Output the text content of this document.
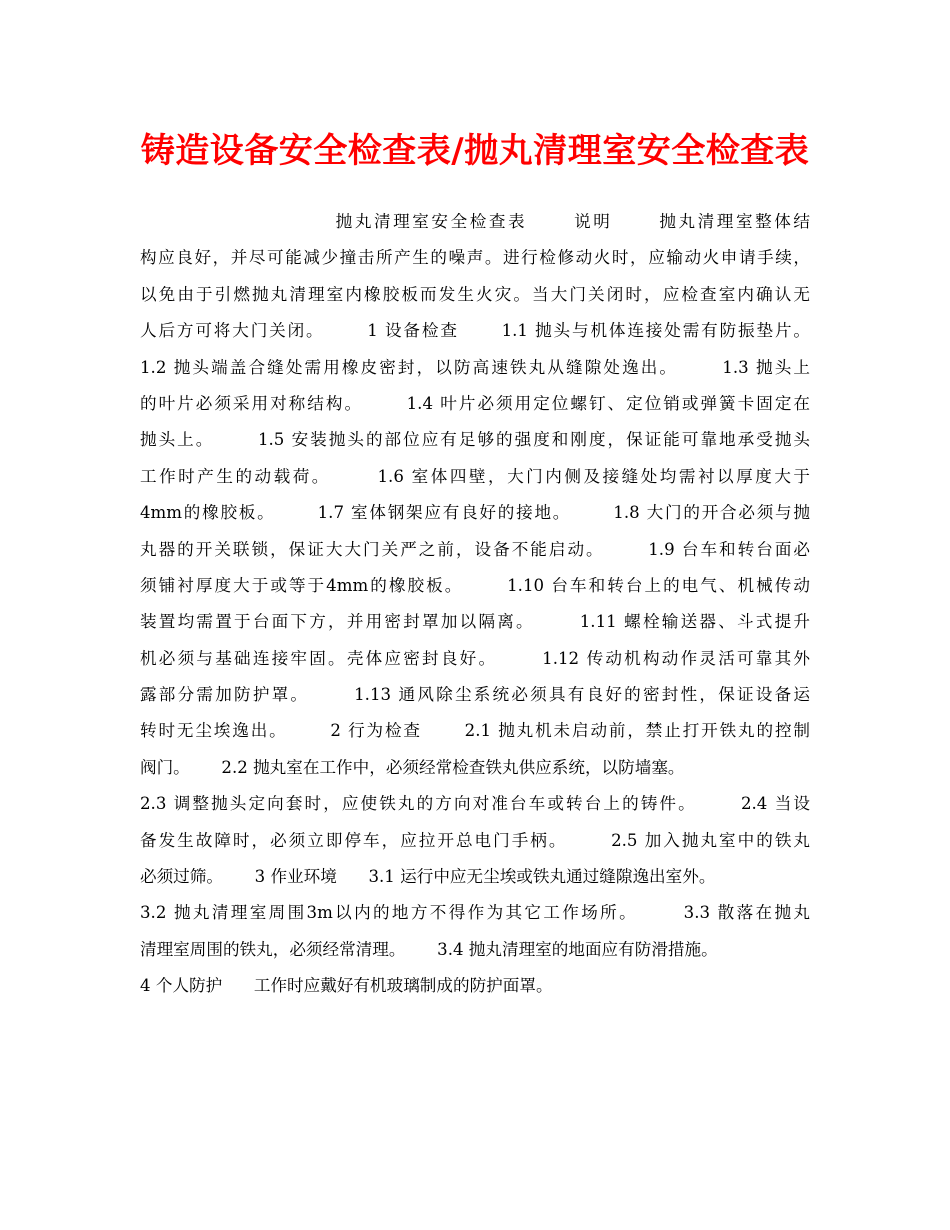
铸造设备安全检查表/抛丸清理室安全检查表
抛丸清理室安全检查表      说明      抛丸清理室整体结
构应良好，并尽可能减少撞击所产生的噪声。进行检修动火时，应输动火申请手续，
以免由于引燃抛丸清理室内橡胶板而发生火灾。当大门关闭时，应检查室内确认无
人后方可将大门关闭。      1 设备检查      1.1 抛头与机体连接处需有防振垫片。
1.2 抛头端盖合缝处需用橡皮密封，以防高速铁丸从缝隙处逸出。      1.3 抛头上
的叶片必须采用对称结构。      1.4 叶片必须用定位螺钉、定位销或弹簧卡固定在
抛头上。      1.5 安装抛头的部位应有足够的强度和刚度，保证能可靠地承受抛头
工作时产生的动载荷。      1.6 室体四壁，大门内侧及接缝处均需衬以厚度大于
4mm的橡胶板。      1.7 室体钢架应有良好的接地。      1.8 大门的开合必须与抛
丸器的开关联锁，保证大大门关严之前，设备不能启动。      1.9 台车和转台面必
须铺衬厚度大于或等于4mm的橡胶板。      1.10 台车和转台上的电气、机械传动
装置均需置于台面下方，并用密封罩加以隔离。      1.11 螺栓输送器、斗式提升
机必须与基础连接牢固。壳体应密封良好。      1.12 传动机构动作灵活可靠其外
露部分需加防护罩。      1.13 通风除尘系统必须具有良好的密封性，保证设备运
转时无尘埃逸出。      2 行为检查      2.1 抛丸机未启动前，禁止打开铁丸的控制
阀门。      2.2 抛丸室在工作中，必须经常检查铁丸供应系统，以防墙塞。
2.3 调整抛头定向套时，应使铁丸的方向对准台车或转台上的铸件。      2.4 当设
备发生故障时，必须立即停车，应拉开总电门手柄。      2.5 加入抛丸室中的铁丸
必须过筛。      3 作业环境      3.1 运行中应无尘埃或铁丸通过缝隙逸出室外。
3.2 抛丸清理室周围3m以内的地方不得作为其它工作场所。      3.3 散落在抛丸
清理室周围的铁丸，必须经常清理。      3.4 抛丸清理室的地面应有防滑措施。
4 个人防护      工作时应戴好有机玻璃制成的防护面罩。
